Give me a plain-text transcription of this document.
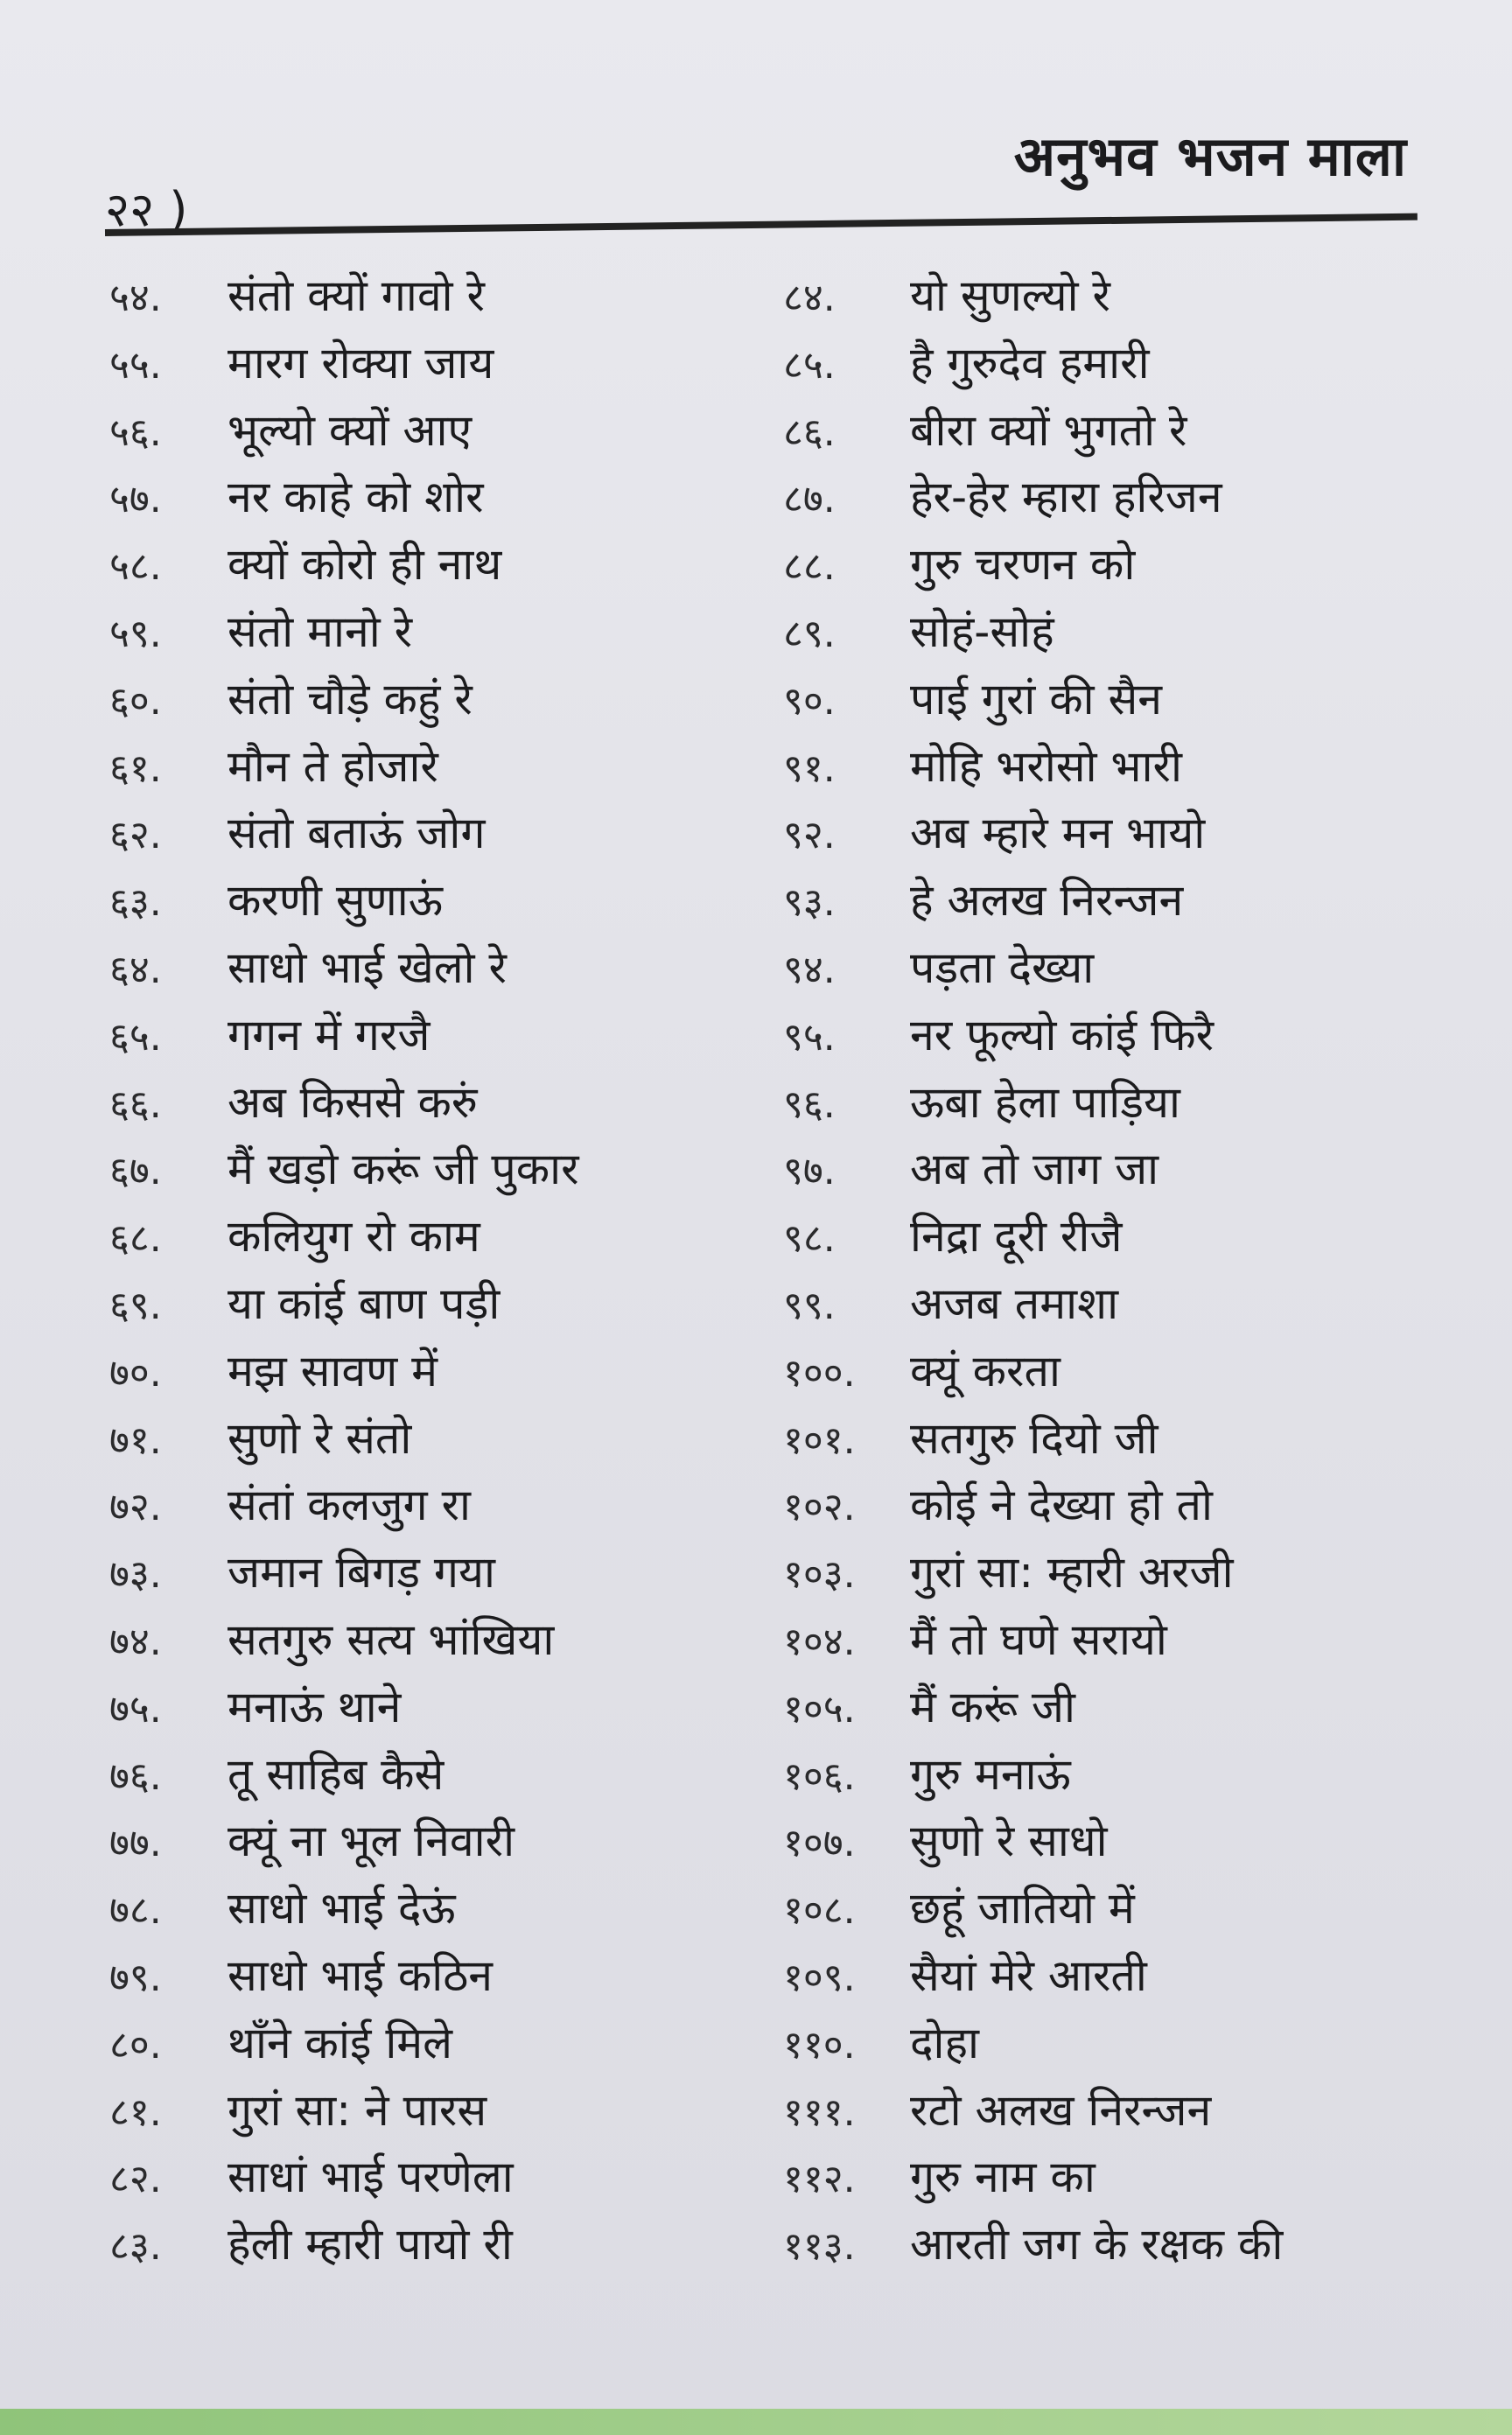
अनुभव भजन माला
२२ )
५४.	संतो क्यों गावो रे
५५.	मारग रोक्या जाय
५६.	भूल्यो क्यों आए
५७.	नर काहे को शोर
५८.	क्यों कोरो ही नाथ
५९.	संतो मानो रे
६०.	संतो चौड़े कहुं रे
६१.	मौन ते होजारे
६२.	संतो बताऊं जोग
६३.	करणी सुणाऊं
६४.	साधो भाई खेलो रे
६५.	गगन में गरजै
६६.	अब किससे करुं
६७.	मैं खड़ो करूं जी पुकार
६८.	कलियुग रो काम
६९.	या कांई बाण पड़ी
७०.	मझ सावण में
७१.	सुणो रे संतो
७२.	संतां कलजुग रा
७३.	जमान बिगड़ गया
७४.	सतगुरु सत्य भांखिया
७५.	मनाऊं थाने
७६.	तू साहिब कैसे
७७.	क्यूं ना भूल निवारी
७८.	साधो भाई देऊं
७९.	साधो भाई कठिन
८०.	थाँने कांई मिले
८१.	गुरां सा: ने पारस
८२.	साधां भाई परणेला
८३.	हेली म्हारी पायो री
८४.	यो सुणल्यो रे
८५.	है गुरुदेव हमारी
८६.	बीरा क्यों भुगतो रे
८७.	हेर-हेर म्हारा हरिजन
८८.	गुरु चरणन को
८९.	सोहं-सोहं
९०.	पाई गुरां की सैन
९१.	मोहि भरोसो भारी
९२.	अब म्हारे मन भायो
९३.	हे अलख निरन्जन
९४.	पड़ता देख्या
९५.	नर फूल्यो कांई फिरै
९६.	ऊबा हेला पाड़िया
९७.	अब तो जाग जा
९८.	निद्रा दूरी रीजै
९९.	अजब तमाशा
१००.	क्यूं करता
१०१.	सतगुरु दियो जी
१०२.	कोई ने देख्या हो तो
१०३.	गुरां सा: म्हारी अरजी
१०४.	मैं तो घणे सरायो
१०५.	मैं करूं जी
१०६.	गुरु मनाऊं
१०७.	सुणो रे साधो
१०८.	छहूं जातियो में
१०९.	सैयां मेरे आरती
११०.	दोहा
१११.	रटो अलख निरन्जन
११२.	गुरु नाम का
११३.	आरती जग के रक्षक की
